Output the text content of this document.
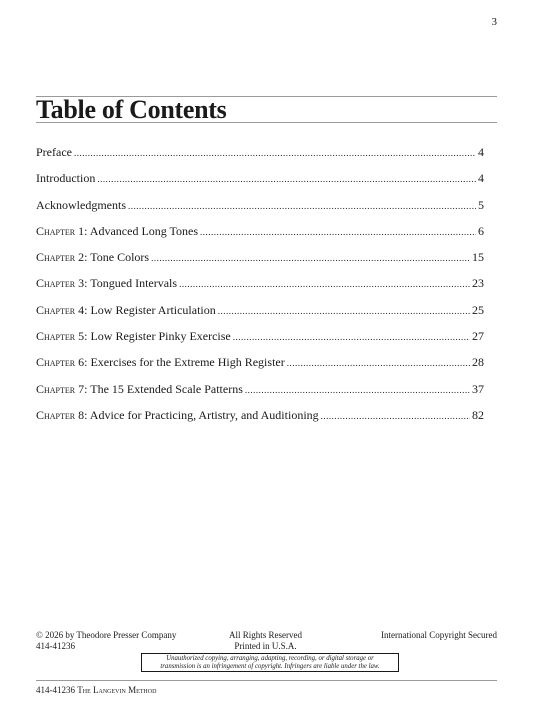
3
Table of Contents
Preface .....	4
Introduction .....	4
Acknowledgments .....	5
Chapter 1: Advanced Long Tones .....	6
Chapter 2: Tone Colors .....	15
Chapter 3: Tongued Intervals .....	23
Chapter 4: Low Register Articulation .....	25
Chapter 5: Low Register Pinky Exercise .....	27
Chapter 6: Exercises for the Extreme High Register .....	28
Chapter 7: The 15 Extended Scale Patterns .....	37
Chapter 8: Advice for Practicing, Artistry, and Auditioning .....	82
© 2026 by Theodore Presser Company
414-41236
All Rights Reserved
Printed in U.S.A.
International Copyright Secured
Unauthorized copying, arranging, adapting, recording, or digital storage or
transmission is an infringement of copyright. Infringers are liable under the law.
414-41236 The Langevin Method
